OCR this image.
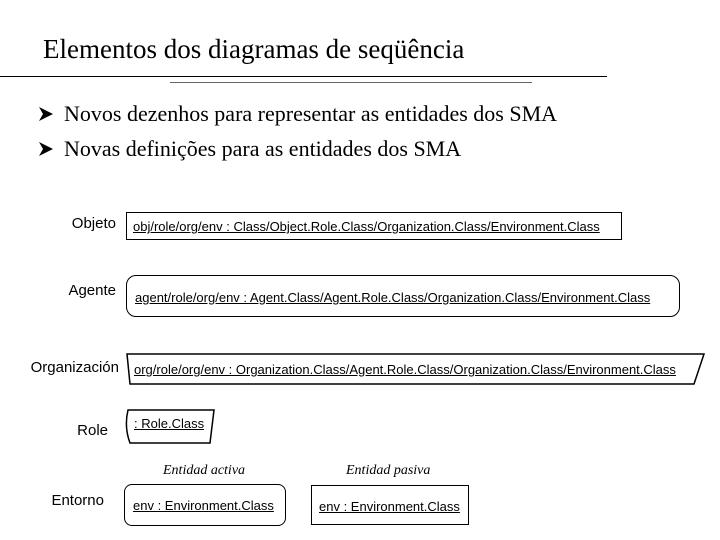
Elementos dos diagramas de seqüência
Novos dezenhos para representar as entidades dos SMA
Novas definições para as entidades dos SMA
Objeto obj/role/org/env : Class/Object.Role.Class/Organization.Class/Environment.Class
Agente agent/role/org/env : Agent.Class/Agent.Role.Class/Organization.Class/Environment.Class
Organización org/role/org/env : Organization.Class/Agent.Role.Class/Organization.Class/Environment.Class
Role : Role.Class
Entidad activa	Entidad pasiva
Entorno env : Environment.Class	env : Environment.Class
